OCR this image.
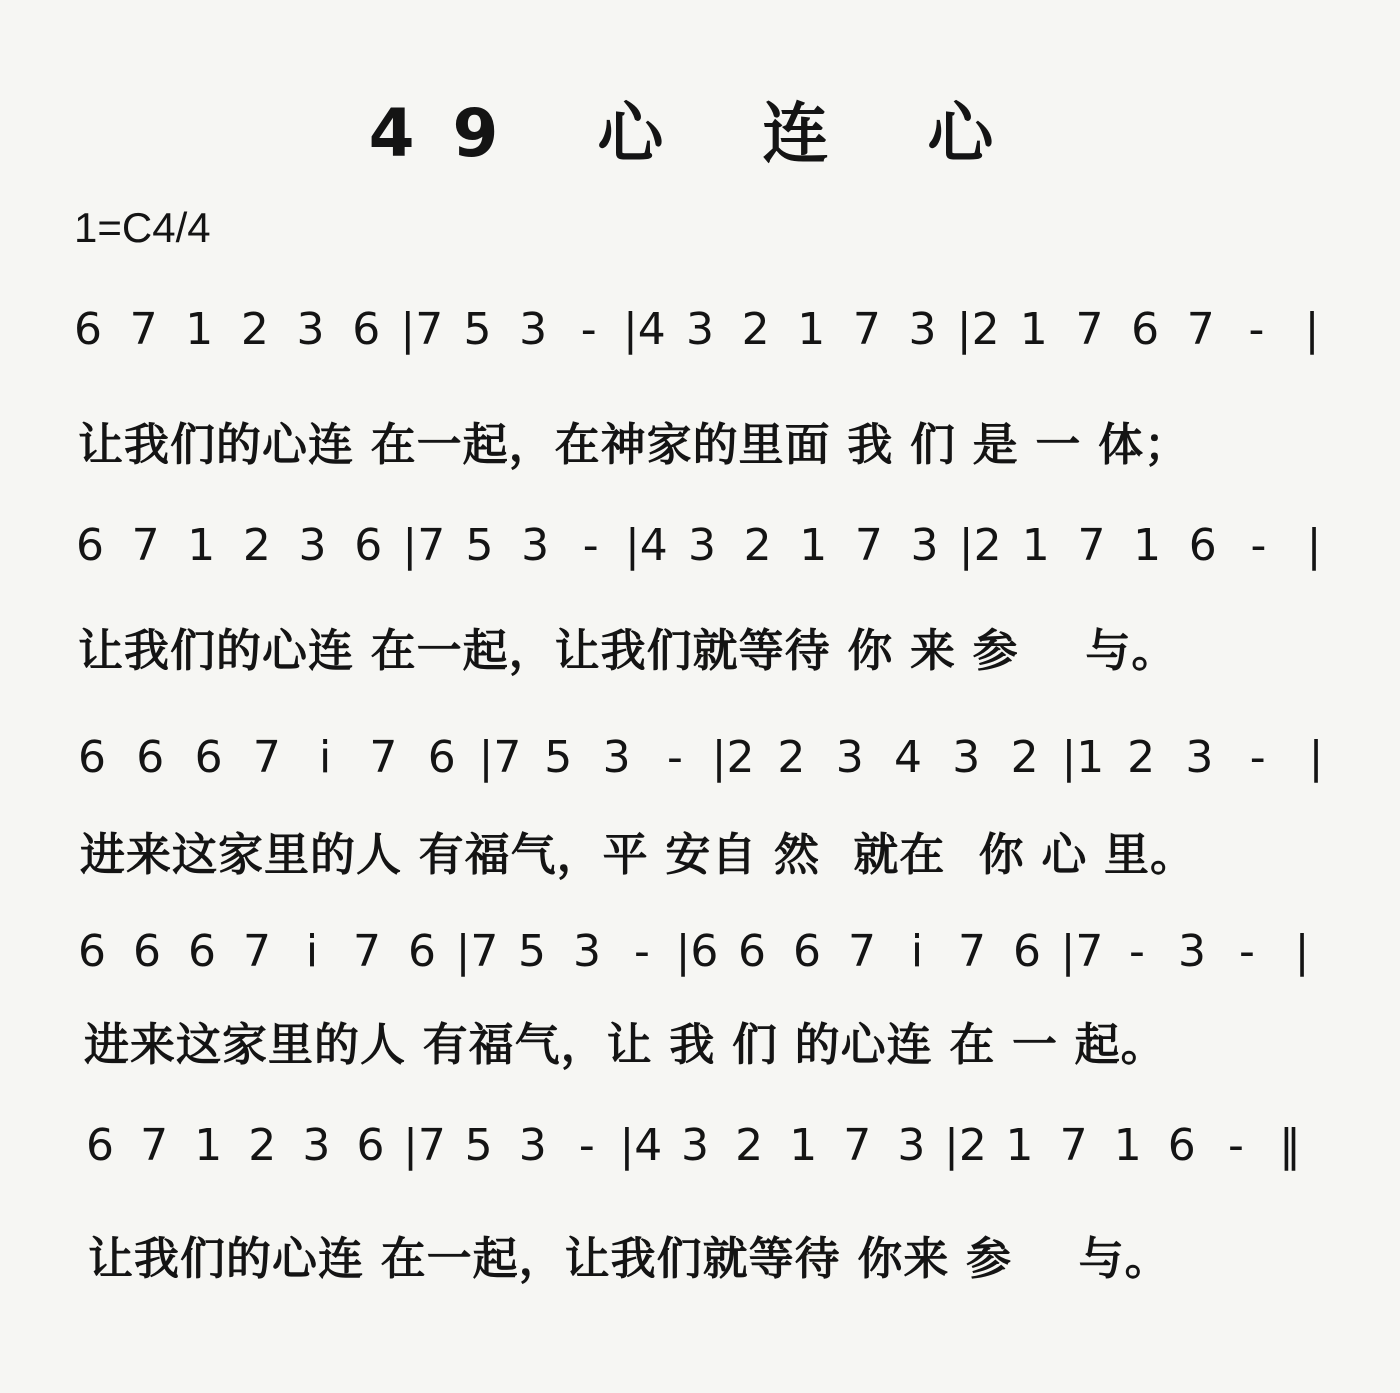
49 心 连 心
1=C4/4
6 7 1 2 3 6 |7 5 3 - |4 3 2 1 7 3 |2 1 7 6 7 - |
6 7 1 2 3 6 |7 5 3 - |4 3 2 1 7 3 |2 1 7 1 6 - |
6 6 6 7 i 7 6 |7 5 3 - |2 2 3 4 3 2 |1 2 3 - |
6 6 6 7 i 7 6 |7 5 3 - |6 6 6 7 i 7 6 |7 - 3 - |
6 7 1 2 3 6 |7 5 3 - |4 3 2 1 7 3 |2 1 7 1 6 - ‖
让我们的心连 在一起，在神家的里面 我 们 是 一 体；
让我们的心连 在一起，让我们就等待 你 来 参    与。
进来这家里的人 有福气，平 安自 然  就在  你 心 里。
进来这家里的人 有福气，让 我 们 的心连 在 一 起。
让我们的心连 在一起，让我们就等待 你来 参    与。
